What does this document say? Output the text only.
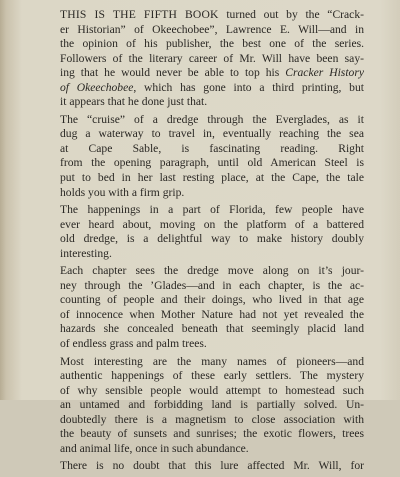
THIS IS THE FIFTH BOOK turned out by the “Crack-
er Historian” of Okeechobee”, Lawrence E. Will—and in
the opinion of his publisher, the best one of the series.
Followers of the literary career of Mr. Will have been say-
ing that he would never be able to top his Cracker History
of Okeechobee, which has gone into a third printing, but
it appears that he done just that.

The “cruise” of a dredge through the Everglades, as it
dug a waterway to travel in, eventually reaching the sea
at Cape Sable, is fascinating reading. Right
from the opening paragraph, until old American Steel is
put to bed in her last resting place, at the Cape, the tale
holds you with a firm grip.

The happenings in a part of Florida, few people have
ever heard about, moving on the platform of a battered
old dredge, is a delightful way to make history doubly
interesting.

Each chapter sees the dredge move along on it’s jour-
ney through the ’Glades—and in each chapter, is the ac-
counting of people and their doings, who lived in that age
of innocence when Mother Nature had not yet revealed the
hazards she concealed beneath that seemingly placid land
of endless grass and palm trees.

Most interesting are the many names of pioneers—and
authentic happenings of these early settlers. The mystery
of why sensible people would attempt to homestead such
an untamed and forbidding land is partially solved. Un-
doubtedly there is a magnetism to close association with
the beauty of sunsets and sunrises; the exotic flowers, trees
and animal life, once in such abundance.

There is no doubt that this lure affected Mr. Will, for
